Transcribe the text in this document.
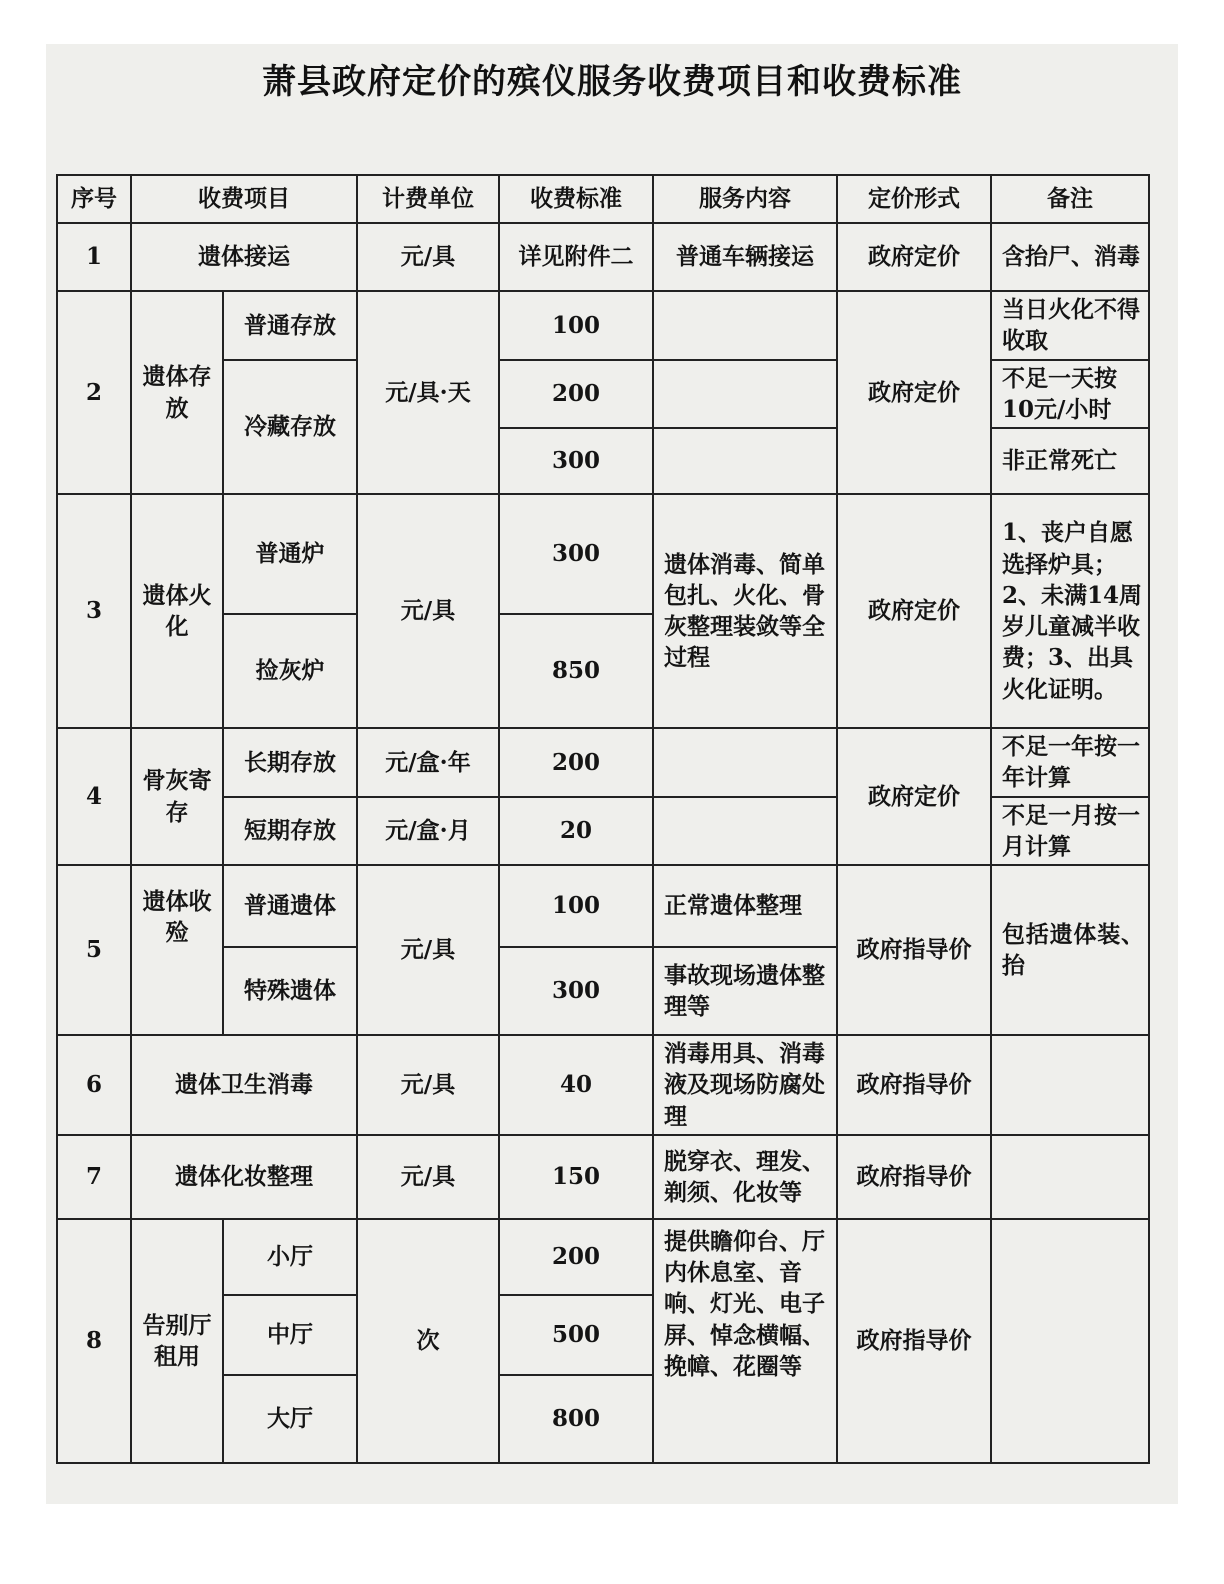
萧县政府定价的殡仪服务收费项目和收费标准
序号	收费项目		计费单位	收费标准	服务内容	定价形式	备注
1	遗体接运		元/具	详见附件二	普通车辆接运	政府定价	含抬尸、消毒
2	遗体存放	普通存放	元/具·天	100		政府定价	当日火化不得收取
		冷藏存放		200			不足一天按10元/小时
				300			非正常死亡
3	遗体火化	普通炉	元/具	300	遗体消毒、简单包扎、火化、骨灰整理装敛等全过程	政府定价	1、丧户自愿选择炉具；2、未满14周岁儿童减半收费；3、出具火化证明。
		捡灰炉		850			
4	骨灰寄存	长期存放	元/盒·年	200		政府定价	不足一年按一年计算
		短期存放	元/盒·月	20			不足一月按一月计算
5	遗体收殓	普通遗体	元/具	100	正常遗体整理	政府指导价	包括遗体装、抬
		特殊遗体		300	事故现场遗体整理等		
6	遗体卫生消毒		元/具	40	消毒用具、消毒液及现场防腐处理	政府指导价	
7	遗体化妆整理		元/具	150	脱穿衣、理发、剃须、化妆等	政府指导价	
8	告别厅租用	小厅	次	200	提供瞻仰台、厅内休息室、音响、灯光、电子屏、悼念横幅、挽幛、花圈等	政府指导价	
		中厅		500			
		大厅		800			
